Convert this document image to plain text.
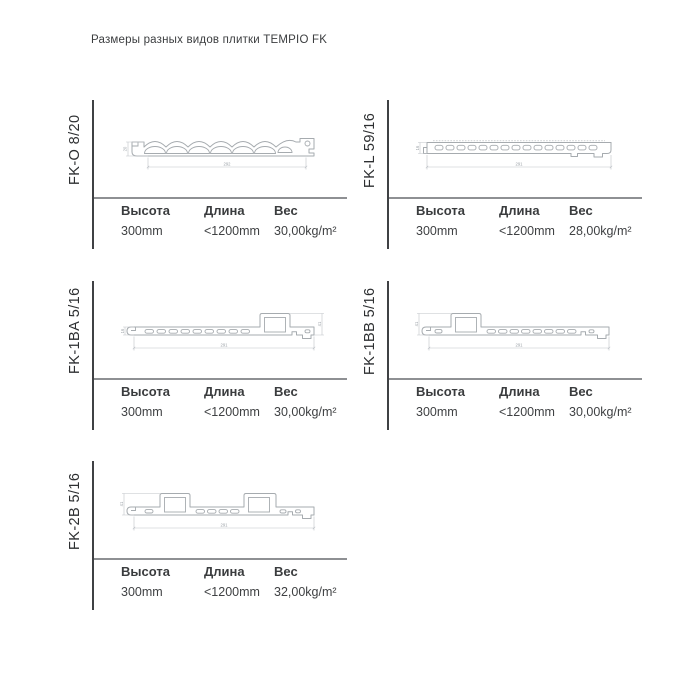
Размеры разных видов плитки TEMPIO FK
FK-O 8/20	292
20
Высота	Длина Вес
300mm	<1200mm 30,00kg/m²
FK-L 59/16	16
291
Высота	Длина Вес
300mm	<1200mm 28,00kg/m²
FK-1BA 5/16	16
41
291
Высота	Длина Вес
300mm	<1200mm 30,00kg/m²
FK-1BB 5/16	41
291
Высота	Длина Вес
300mm	<1200mm 30,00kg/m²
FK-2B 5/16	41
291
Высота	Длина Вес
300mm	<1200mm 32,00kg/m²
